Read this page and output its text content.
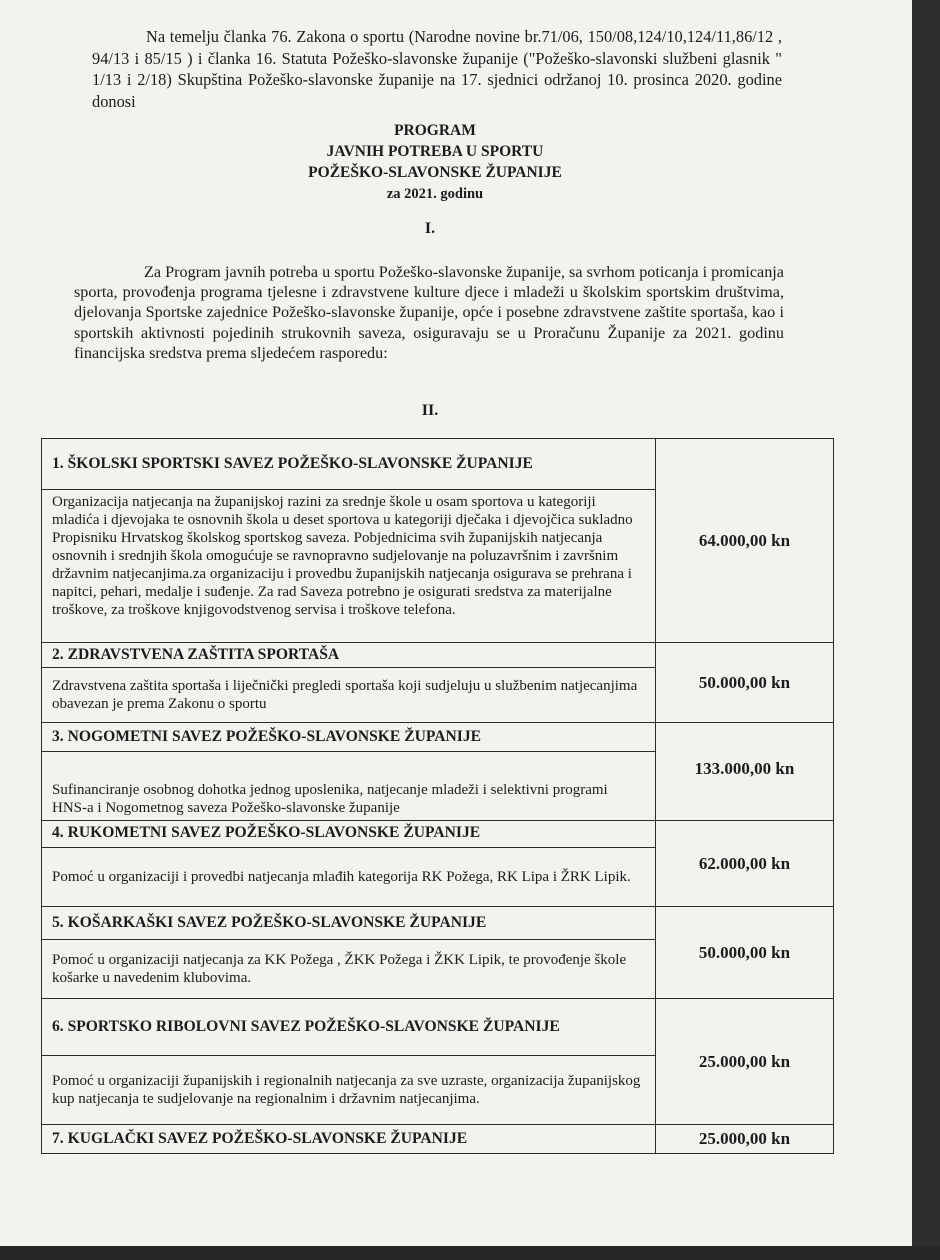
Na temelju članka 76. Zakona o sportu (Narodne novine br.71/06, 150/08,124/10,124/11,86/12 , 94/13 i 85/15 ) i članka 16. Statuta Požeško-slavonske županije ("Požeško-slavonski službeni glasnik " 1/13 i 2/18) Skupština Požeško-slavonske županije na 17. sjednici održanoj 10. prosinca 2020. godine donosi
PROGRAM
JAVNIH POTREBA U SPORTU
POŽEŠKO-SLAVONSKE ŽUPANIJE
za 2021. godinu
I.
Za Program javnih potreba u sportu Požeško-slavonske županije, sa svrhom poticanja i promicanja sporta, provođenja programa tjelesne i zdravstvene kulture djece i mladeži u školskim sportskim društvima, djelovanja Sportske zajednice Požeško-slavonske županije, opće i posebne zdravstvene zaštite sportaša, kao i sportskih aktivnosti pojedinih strukovnih saveza, osiguravaju se u Proračunu Županije za 2021. godinu financijska sredstva prema sljedećem rasporedu:
II.
1. ŠKOLSKI SPORTSKI SAVEZ POŽEŠKO-SLAVONSKE ŽUPANIJE	64.000,00 kn
Organizacija natjecanja na županijskoj razini za srednje škole u osam sportova u kategoriji mladića i djevojaka te osnovnih škola u deset sportova u kategoriji dječaka i djevojčica sukladno Propisniku Hrvatskog školskog sportskog saveza. Pobjednicima svih županijskih natjecanja osnovnih i srednjih škola omogućuje se ravnopravno sudjelovanje na poluzavršnim i završnim državnim natjecanjima.za organizaciju i provedbu županijskih natjecanja osigurava se prehrana i napitci, pehari, medalje i suđenje. Za rad Saveza potrebno je osigurati sredstva za materijalne troškove, za troškove knjigovodstvenog servisa i troškove telefona.	
2. ZDRAVSTVENA ZAŠTITA SPORTAŠA	50.000,00 kn
Zdravstvena zaštita sportaša i liječnički pregledi sportaša koji sudjeluju u službenim natjecanjima obavezan je prema Zakonu o sportu	
3. NOGOMETNI SAVEZ POŽEŠKO-SLAVONSKE ŽUPANIJE	133.000,00 kn
Sufinanciranje osobnog dohotka jednog uposlenika, natjecanje mladeži i selektivni programi HNS-a i Nogometnog saveza Požeško-slavonske županije	
4. RUKOMETNI SAVEZ POŽEŠKO-SLAVONSKE ŽUPANIJE	62.000,00 kn
Pomoć u organizaciji i provedbi natjecanja mlađih kategorija RK Požega, RK Lipa i ŽRK Lipik.	
5. KOŠARKAŠKI SAVEZ POŽEŠKO-SLAVONSKE ŽUPANIJE	50.000,00 kn
Pomoć u organizaciji natjecanja za KK Požega , ŽKK Požega i ŽKK Lipik, te provođenje škole košarke u navedenim klubovima.	
6. SPORTSKO RIBOLOVNI SAVEZ POŽEŠKO-SLAVONSKE ŽUPANIJE	25.000,00 kn
Pomoć u organizaciji županijskih i regionalnih natjecanja za sve uzraste, organizacija županijskog kup natjecanja te sudjelovanje na regionalnim i državnim natjecanjima.	
7. KUGLAČKI SAVEZ POŽEŠKO-SLAVONSKE ŽUPANIJE	25.000,00 kn
